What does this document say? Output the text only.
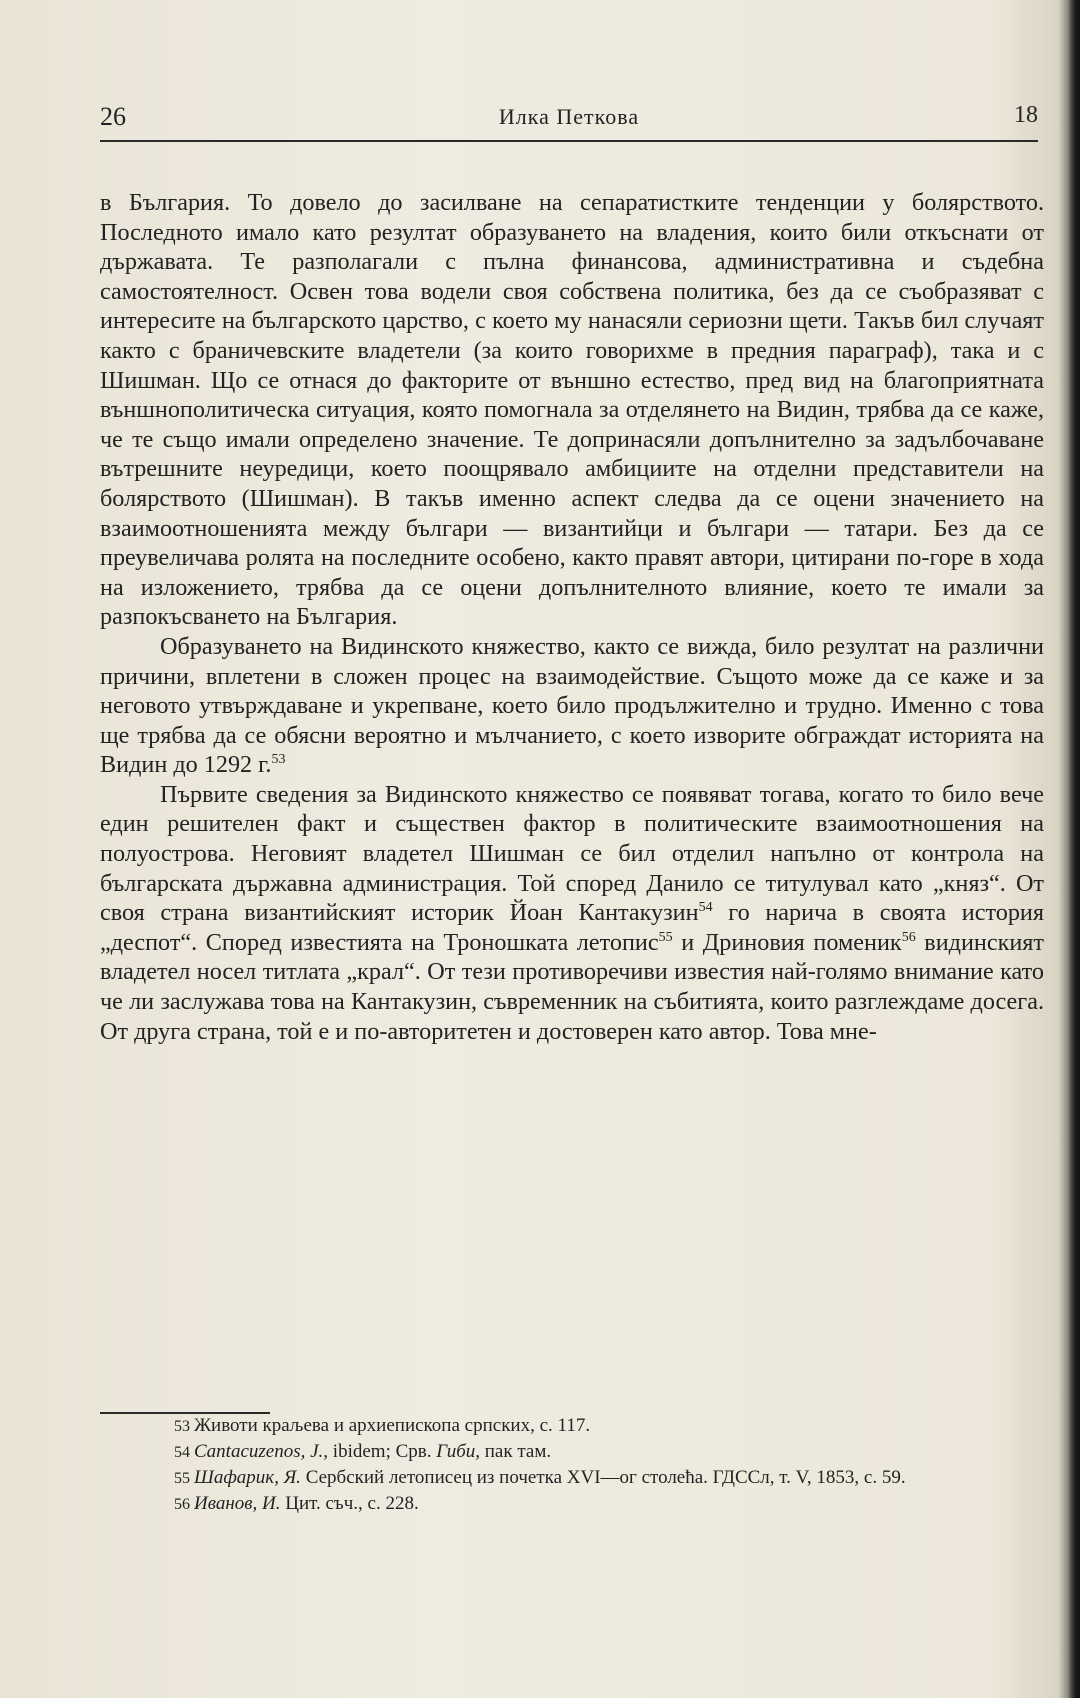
26	Илка Петкова	18

в България. То довело до засилване на сепаратистките тенденции у болярството. Последното имало като резултат образуването на владения, които били откъснати от държавата. Те разполагали с пълна финансова, административна и съдебна самостоятелност. Освен това водели своя собствена политика, без да се съобразяват с интересите на българското царство, с което му нанасяли сериозни щети. Такъв бил случаят както с браничевските владетели (за които говорихме в предния параграф), така и с Шишман. Що се отнася до факторите от външно естество, пред вид на благоприятната външнополитическа ситуация, която помогнала за отделянето на Видин, трябва да се каже, че те също имали определено значение. Те допринасяли допълнително за задълбочаване вътрешните неуредици, което поощрявало амбициите на отделни представители на болярството (Шишман). В такъв именно аспект следва да се оцени значението на взаимоотношенията между българи — византийци и българи — татари. Без да се преувеличава ролята на последните особено, както правят автори, цитирани по-горе в хода на изложението, трябва да се оцени допълнителното влияние, което те имали за разпокъсването на България.

Образуването на Видинското княжество, както се вижда, било резултат на различни причини, вплетени в сложен процес на взаимодействие. Същото може да се каже и за неговото утвърждаване и укрепване, което било продължително и трудно. Именно с това ще трябва да се обясни вероятно и мълчанието, с което изворите обграждат историята на Видин до 1292 г.$^{53}$

Първите сведения за Видинското княжество се появяват тогава, когато то било вече един решителен факт и съществен фактор в политическите взаимоотношения на полуострова. Неговият владетел Шишман се бил отделил напълно от контрола на българската държавна администрация. Той според Данило се титулувал като „княз“. От своя страна византийският историк Йоан Кантакузин$^{54}$ го нарича в своята история „деспот“. Според известията на Троношката летопис$^{55}$ и Дриновия поменик$^{56}$ видинският владетел носел титлата „крал“. От тези противоречиви известия най-голямо внимание като че ли заслужава това на Кантакузин, съвременник на събитията, които разглеждаме досега. От друга страна, той е и по-авторитетен и достоверен като автор. Това мне-

53 Животи краљева и архиепископа српских, с. 117.

54 Cantacuzenos, J., ibidem; Срв. Гиби, пак там.

55 Шафарик, Я. Сербский летописец из почетка XVI—ог столећа. ГДССл, т. V, 1853, с. 59.

56 Иванов, И. Цит. съч., с. 228.
